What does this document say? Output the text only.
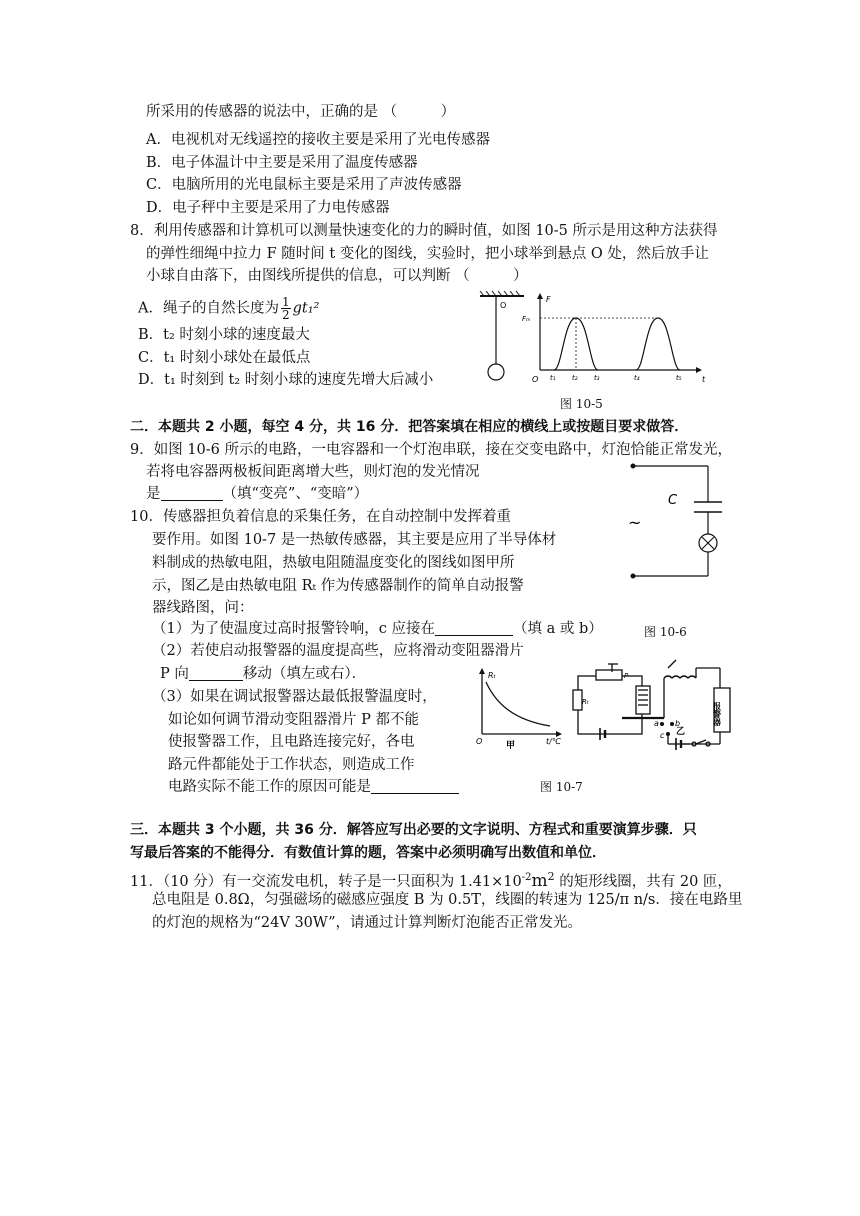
所采用的传感器的说法中，正确的是 （　　　）
A．电视机对无线遥控的接收主要是采用了光电传感器
B．电子体温计中主要是采用了温度传感器
C．电脑所用的光电鼠标主要是采用了声波传感器
D．电子秤中主要是采用了力电传感器
8．利用传感器和计算机可以测量快速变化的力的瞬时值，如图 10-5 所示是用这种方法获得
的弹性细绳中拉力 F 随时间 t 变化的图线，实验时，把小球举到悬点 O 处，然后放手让
小球自由落下，由图线所提供的信息，可以判断 （　　　）
A．绳子的自然长度为 $\frac{1}{2} gt_1^2$
B．t₂ 时刻小球的速度最大
C．t₁ 时刻小球处在最低点
D．t₁ 时刻到 t₂ 时刻小球的速度先增大后减小
O
F
Fₘ
O	t
t₁ t₂ t₃	t₄	t₅
图 10-5
二．本题共 2 小题，每空 4 分，共 16 分．把答案填在相应的横线上或按题目要求做答．
9．如图 10-6 所示的电路，一电容器和一个灯泡串联，接在交变电路中，灯泡恰能正常发光，
若将电容器两极板间距离增大些，则灯泡的发光情况
是	（填“变亮”、“变暗”）	C
~
图 10-6
10．传感器担负着信息的采集任务，在自动控制中发挥着重
要作用。如图 10-7 是一热敏传感器，其主要是应用了半导体材
料制成的热敏电阻，热敏电阻随温度变化的图线如图甲所
示，图乙是由热敏电阻 Rₜ 作为传感器制作的简单自动报警
器线路图，问：
（1）为了使温度过高时报警铃响，c 应接在	（填 a 或 b）
（2）若使启动报警器的温度提高些，应将滑动变阻器滑片
P 向	移动（填左或右）．
（3）如果在调试报警器达最低报警温度时，
如论如何调节滑动变阻器滑片 P 都不能
使报警器工作，且电路连接完好，各电
路元件都能处于工作状态，则造成工作
电路实际不能工作的原因可能是
Rₜ
O	t/℃
甲
Rₜ
P
a b
c 乙
报警器
图 10-7
三．本题共 3 个小题，共 36 分．解答应写出必要的文字说明、方程式和重要演算步骤．只
写最后答案的不能得分．有数值计算的题，答案中必须明确写出数值和单位．
11．（10 分）有一交流发电机，转子是一只面积为 $1.41\times 10^{-2}m^2$ 的矩形线圈，共有 20 匝，
总电阻是 0.8Ω，匀强磁场的磁感应强度 B 为 0.5T，线圈的转速为 125/π n/s．接在电路里
的灯泡的规格为“24V 30W”，请通过计算判断灯泡能否正常发光。
